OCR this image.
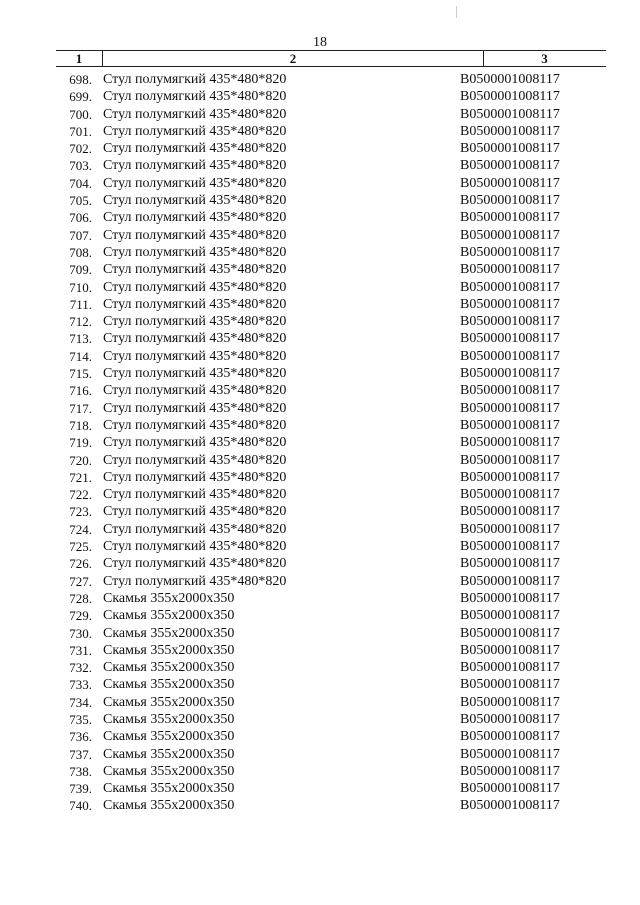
18
1	2	3
698. Стул полумягкий 435*480*820	B0500001008117
699. Стул полумягкий 435*480*820	B0500001008117
700. Стул полумягкий 435*480*820	B0500001008117
701. Стул полумягкий 435*480*820	B0500001008117
702. Стул полумягкий 435*480*820	B0500001008117
703. Стул полумягкий 435*480*820	B0500001008117
704. Стул полумягкий 435*480*820	B0500001008117
705. Стул полумягкий 435*480*820	B0500001008117
706. Стул полумягкий 435*480*820	B0500001008117
707. Стул полумягкий 435*480*820	B0500001008117
708. Стул полумягкий 435*480*820	B0500001008117
709. Стул полумягкий 435*480*820	B0500001008117
710. Стул полумягкий 435*480*820	B0500001008117
711. Стул полумягкий 435*480*820	B0500001008117
712. Стул полумягкий 435*480*820	B0500001008117
713. Стул полумягкий 435*480*820	B0500001008117
714. Стул полумягкий 435*480*820	B0500001008117
715. Стул полумягкий 435*480*820	B0500001008117
716. Стул полумягкий 435*480*820	B0500001008117
717. Стул полумягкий 435*480*820	B0500001008117
718. Стул полумягкий 435*480*820	B0500001008117
719. Стул полумягкий 435*480*820	B0500001008117
720. Стул полумягкий 435*480*820	B0500001008117
721. Стул полумягкий 435*480*820	B0500001008117
722. Стул полумягкий 435*480*820	B0500001008117
723. Стул полумягкий 435*480*820	B0500001008117
724. Стул полумягкий 435*480*820	B0500001008117
725. Стул полумягкий 435*480*820	B0500001008117
726. Стул полумягкий 435*480*820	B0500001008117
727. Стул полумягкий 435*480*820	B0500001008117
728. Скамья 355х2000х350	B0500001008117
729. Скамья 355х2000х350	B0500001008117
730. Скамья 355х2000х350	B0500001008117
731. Скамья 355х2000х350	B0500001008117
732. Скамья 355х2000х350	B0500001008117
733. Скамья 355х2000х350	B0500001008117
734. Скамья 355х2000х350	B0500001008117
735. Скамья 355х2000х350	B0500001008117
736. Скамья 355х2000х350	B0500001008117
737. Скамья 355х2000х350	B0500001008117
738. Скамья 355х2000х350	B0500001008117
739. Скамья 355х2000х350	B0500001008117
740. Скамья 355х2000х350	B0500001008117
